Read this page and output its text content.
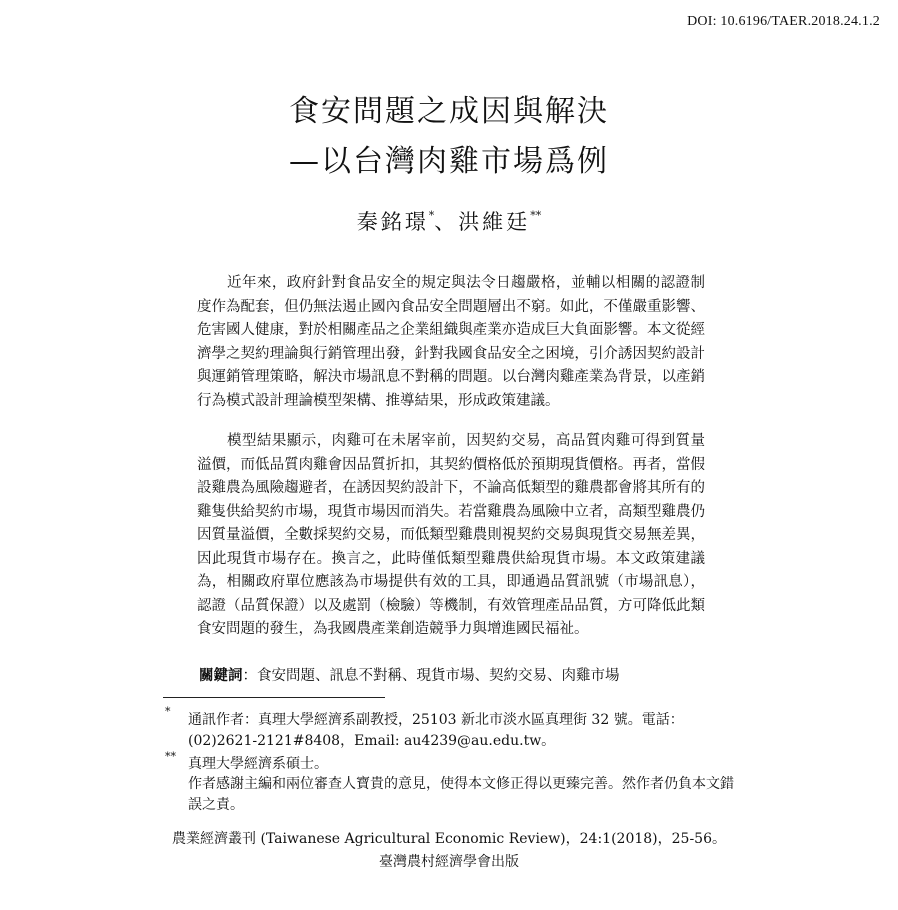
DOI: 10.6196/TAER.2018.24.1.2
食安問題之成因與解決
—以台灣肉雞市場爲例
秦銘璟*、洪維廷**

近年來，政府針對食品安全的規定與法令日趨嚴格，並輔以相關的認證制度作為配套，但仍無法遏止國內食品安全問題層出不窮。如此，不僅嚴重影響、危害國人健康，對於相關產品之企業組織與產業亦造成巨大負面影響。本文從經濟學之契約理論與行銷管理出發，針對我國食品安全之困境，引介誘因契約設計與運銷管理策略，解決市場訊息不對稱的問題。以台灣肉雞產業為背景，以產銷行為模式設計理論模型架構、推導結果，形成政策建議。

模型結果顯示，肉雞可在未屠宰前，因契約交易，高品質肉雞可得到質量溢價，而低品質肉雞會因品質折扣，其契約價格低於預期現貨價格。再者，當假設雞農為風險趨避者，在誘因契約設計下，不論高低類型的雞農都會將其所有的雞隻供給契約市場，現貨市場因而消失。若當雞農為風險中立者，高類型雞農仍因質量溢價，全數採契約交易，而低類型雞農則視契約交易與現貨交易無差異，因此現貨市場存在。換言之，此時僅低類型雞農供給現貨市場。本文政策建議為，相關政府單位應該為市場提供有效的工具，即通過品質訊號（市場訊息），認證（品質保證）以及處罰（檢驗）等機制，有效管理產品品質，方可降低此類食安問題的發生，為我國農產業創造競爭力與增進國民福祉。

關鍵詞：食安問題、訊息不對稱、現貨市場、契約交易、肉雞市場
*
通訊作者：真理大學經濟系副教授，25103 新北市淡水區真理街 32 號。電話：(02)2621-2121#8408，Email: au4239@au.edu.tw。
** 真理大學經濟系碩士。
作者感謝主編和兩位審查人寶貴的意見，使得本文修正得以更臻完善。然作者仍負本文錯誤之責。
農業經濟叢刊 (Taiwanese Agricultural Economic Review)，24:1(2018)，25-56。
臺灣農村經濟學會出版
